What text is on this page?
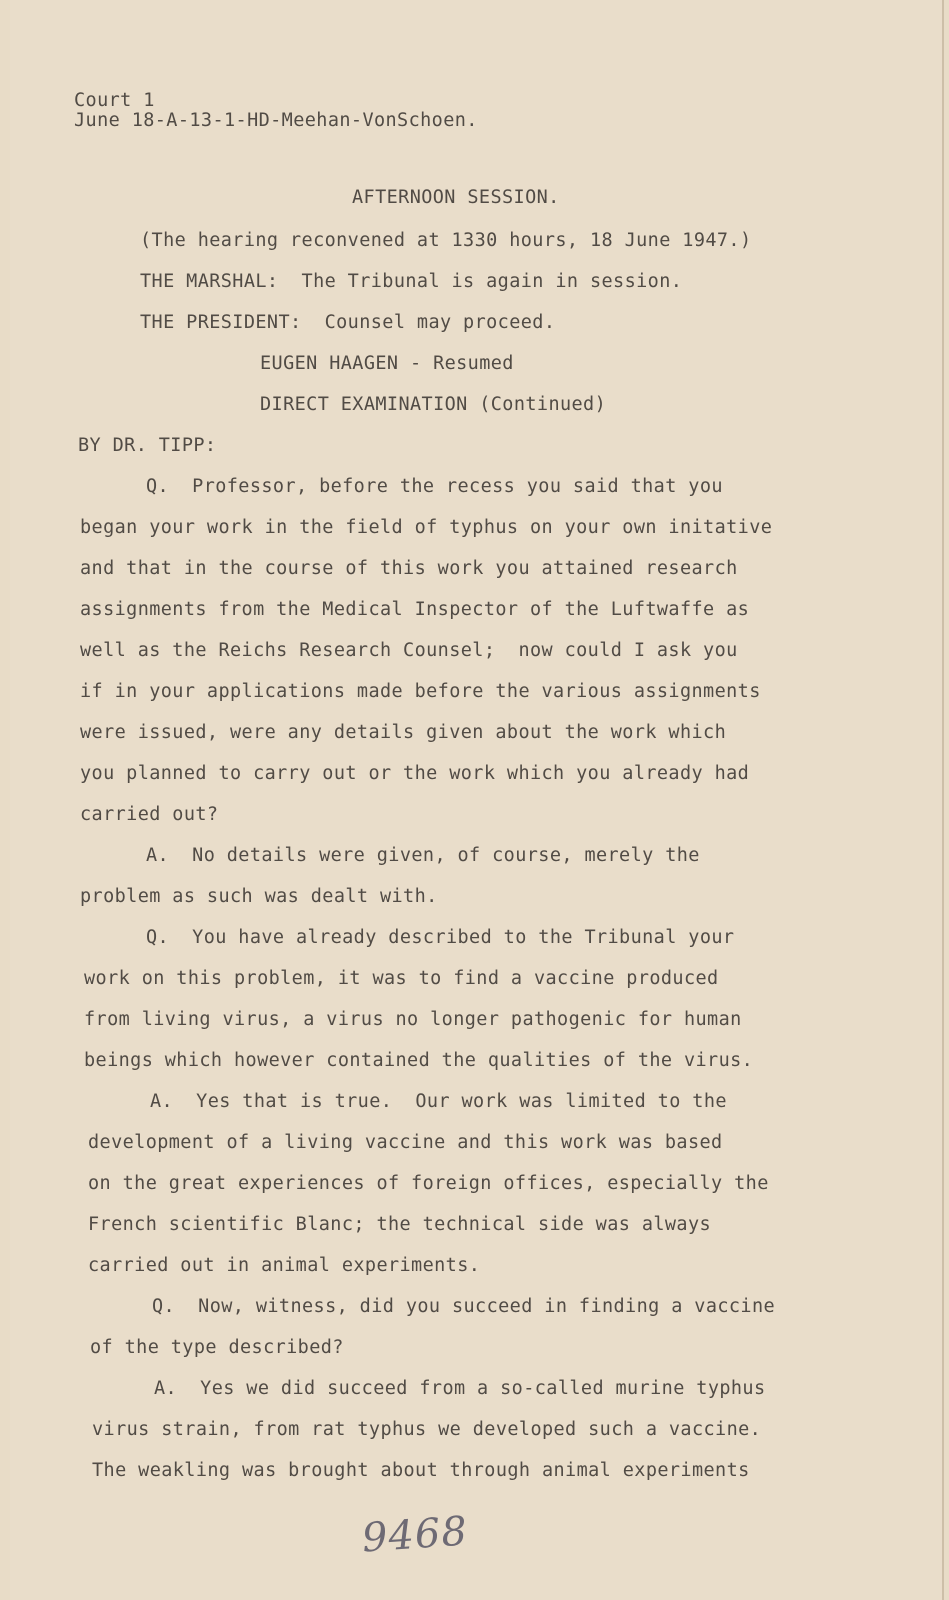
Court 1
June 18-A-13-1-HD-Meehan-VonSchoen.
AFTERNOON SESSION.
(The hearing reconvened at 1330 hours, 18 June 1947.)
THE MARSHAL:  The Tribunal is again in session.
THE PRESIDENT:  Counsel may proceed.
EUGEN HAAGEN - Resumed
DIRECT EXAMINATION (Continued)
BY DR. TIPP:
Q.  Professor, before the recess you said that you
began your work in the field of typhus on your own initative
and that in the course of this work you attained research
assignments from the Medical Inspector of the Luftwaffe as
well as the Reichs Research Counsel;  now could I ask you
if in your applications made before the various assignments
were issued, were any details given about the work which
you planned to carry out or the work which you already had
carried out?
A.  No details were given, of course, merely the
problem as such was dealt with.
Q.  You have already described to the Tribunal your
work on this problem, it was to find a vaccine produced
from living virus, a virus no longer pathogenic for human
beings which however contained the qualities of the virus.
A.  Yes that is true.  Our work was limited to the
development of a living vaccine and this work was based
on the great experiences of foreign offices, especially the
French scientific Blanc; the technical side was always
carried out in animal experiments.
Q.  Now, witness, did you succeed in finding a vaccine
of the type described?
A.  Yes we did succeed from a so-called murine typhus
virus strain, from rat typhus we developed such a vaccine.
The weakling was brought about through animal experiments
9468
